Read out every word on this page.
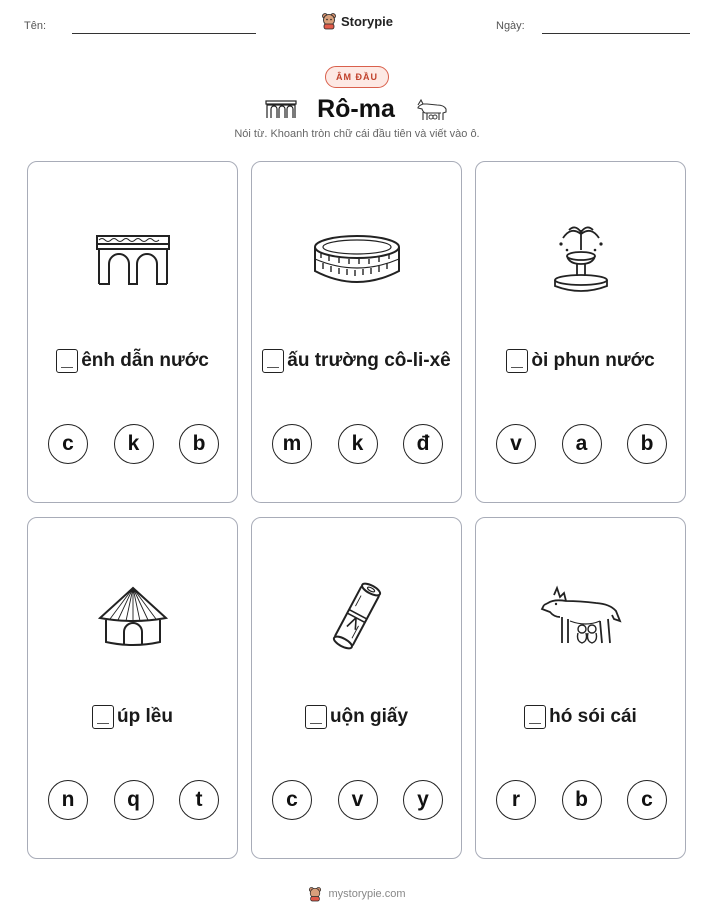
Tên:	Ngày:
Storypie
ÂM ĐẦU
Rô-ma
Nói từ. Khoanh tròn chữ cái đầu tiên và viết vào ô.
ênh dẫn nước
c	k	b
ấu trường cô-li-xê
m	k	đ
òi phun nước
v	a	b
úp lều
n	q	t
uộn giấy
c	v	y
hó sói cái
r	b	c
mystorypie.com
